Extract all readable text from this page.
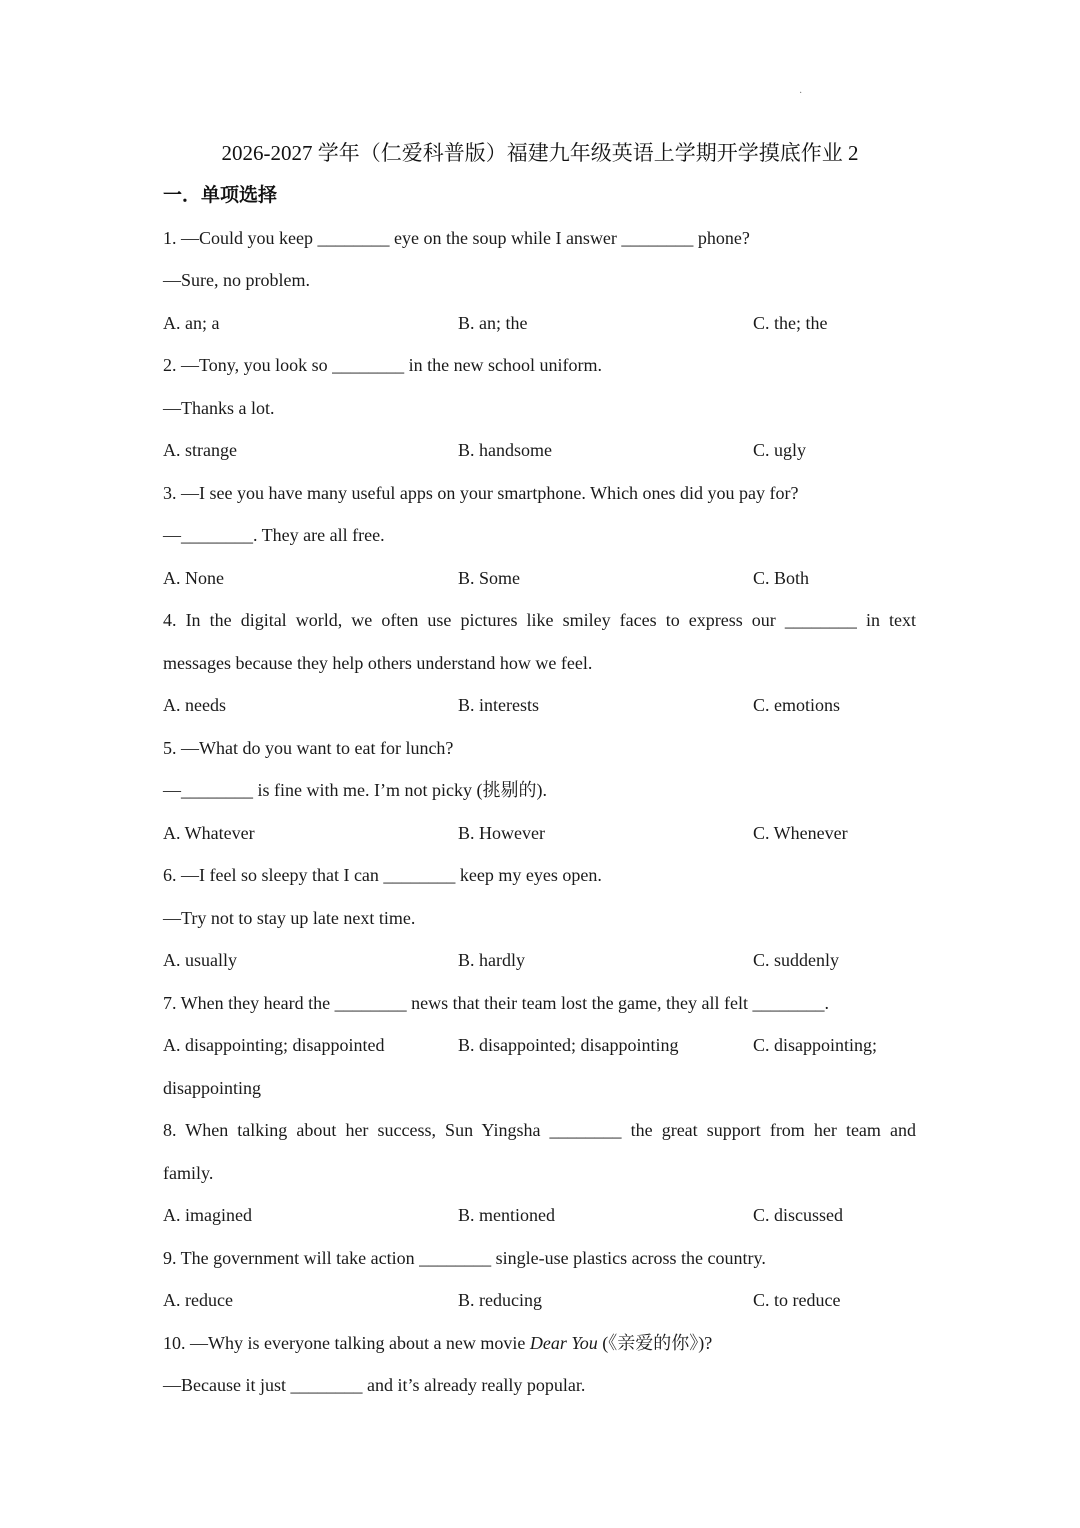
·
2026-2027 学年（仁爱科普版）福建九年级英语上学期开学摸底作业 2
一．单项选择
1. —Could you keep ________ eye on the soup while I answer ________ phone?
—Sure, no problem.
A. an; a	B. an; the	C. the; the
2. —Tony, you look so ________ in the new school uniform.
—Thanks a lot.
A. strange	B. handsome	C. ugly
3. —I see you have many useful apps on your smartphone. Which ones did you pay for?
—________. They are all free.
A. None	B. Some	C. Both
4. In the digital world, we often use pictures like smiley faces to express our ________ in text
messages because they help others understand how we feel.
A. needs	B. interests	C. emotions
5. —What do you want to eat for lunch?
—________ is fine with me. I’m not picky (挑剔的).
A. Whatever	B. However	C. Whenever
6. —I feel so sleepy that I can ________ keep my eyes open.
—Try not to stay up late next time.
A. usually	B. hardly	C. suddenly
7. When they heard the ________ news that their team lost the game, they all felt ________.
A. disappointing; disappointed	B. disappointed; disappointing	C. disappointing;
disappointing
8. When talking about her success, Sun Yingsha ________ the great support from her team and
family.
A. imagined	B. mentioned	C. discussed
9. The government will take action ________ single-use plastics across the country.
A. reduce	B. reducing	C. to reduce
10. —Why is everyone talking about a new movie Dear You (《亲爱的你》)?
—Because it just ________ and it’s already really popular.
